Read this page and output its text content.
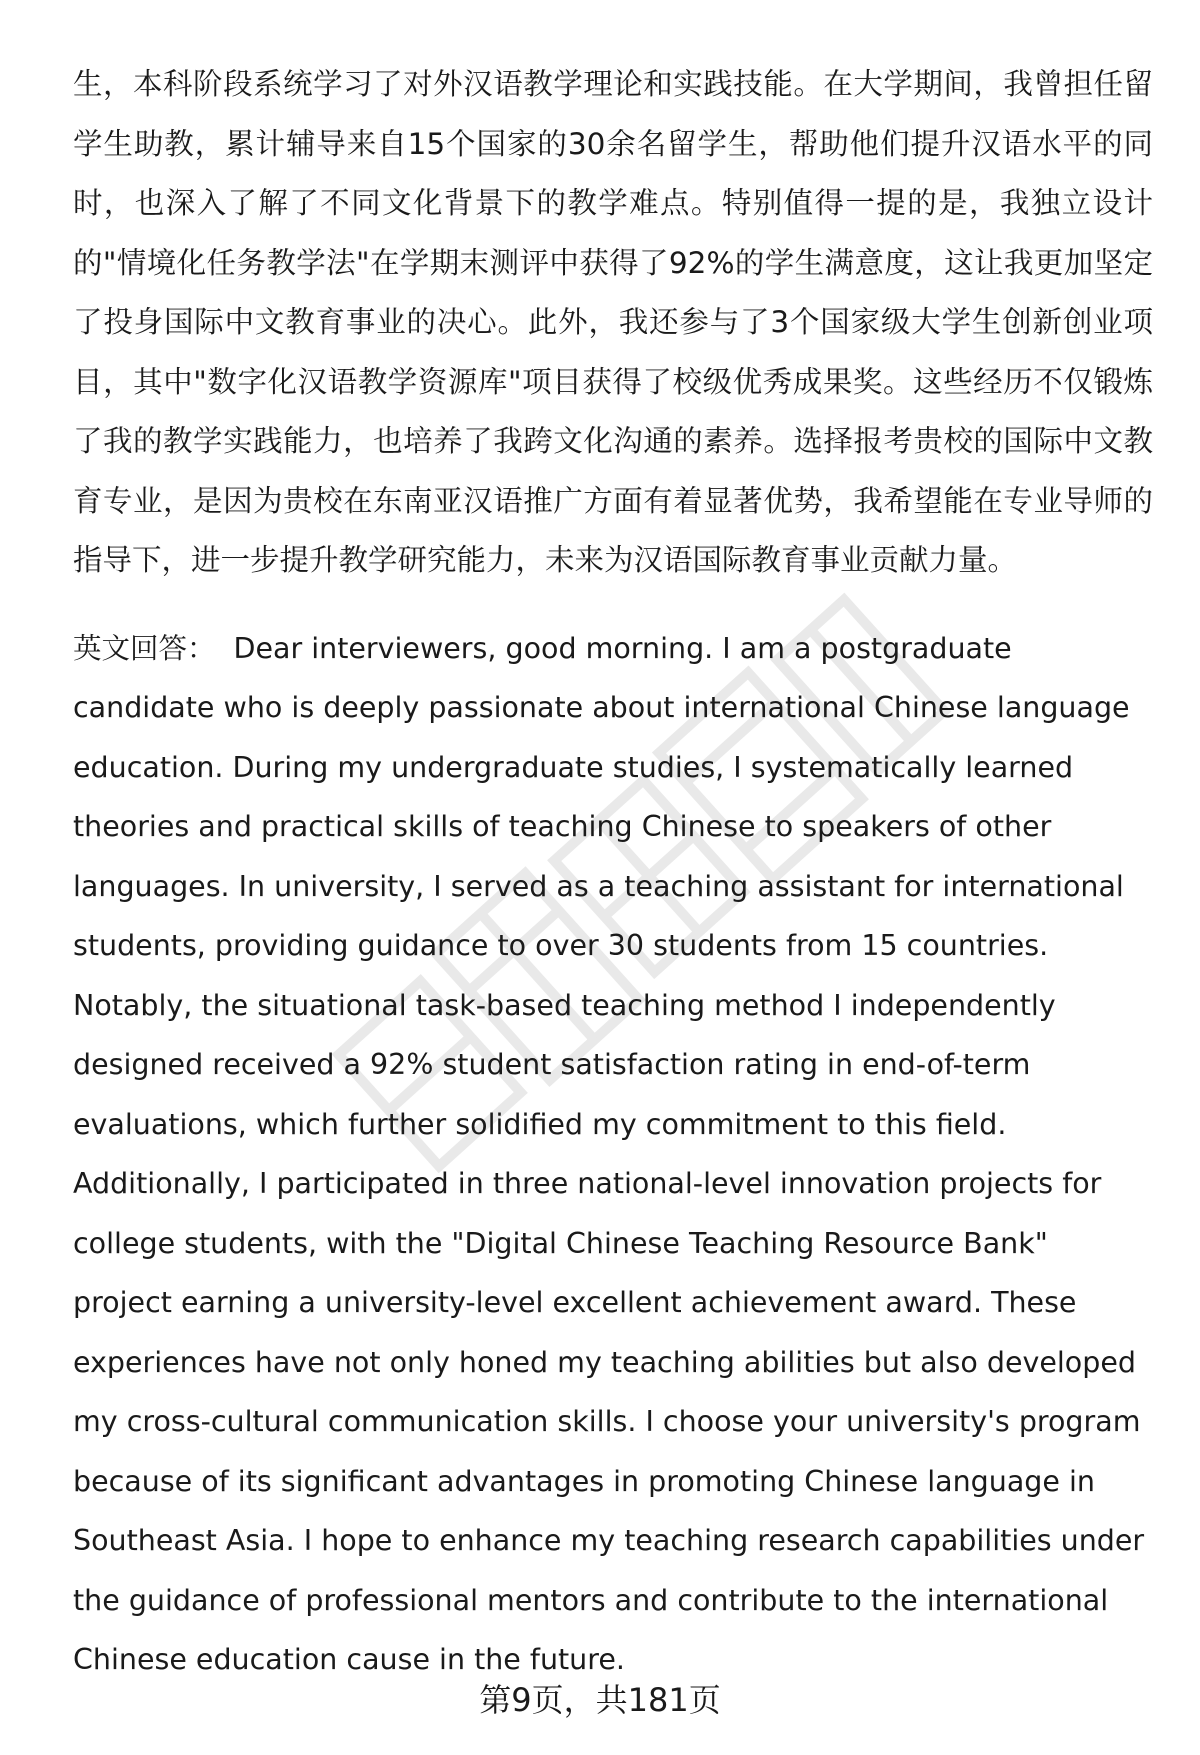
生，本科阶段系统学习了对外汉语教学理论和实践技能。在大学期间，我曾担任留学生助教，累计辅导来自15个国家的30余名留学生，帮助他们提升汉语水平的同时，也深入了解了不同文化背景下的教学难点。特别值得一提的是，我独立设计的"情境化任务教学法"在学期末测评中获得了92%的学生满意度，这让我更加坚定了投身国际中文教育事业的决心。此外，我还参与了3个国家级大学生创新创业项目，其中"数字化汉语教学资源库"项目获得了校级优秀成果奖。这些经历不仅锻炼了我的教学实践能力，也培养了我跨文化沟通的素养。选择报考贵校的国际中文教育专业，是因为贵校在东南亚汉语推广方面有着显著优势，我希望能在专业导师的指导下，进一步提升教学研究能力，未来为汉语国际教育事业贡献力量。

英文回答： Dear interviewers, good morning. I am a postgraduate candidate who is deeply passionate about international Chinese language education. During my undergraduate studies, I systematically learned theories and practical skills of teaching Chinese to speakers of other languages. In university, I served as a teaching assistant for international students, providing guidance to over 30 students from 15 countries. Notably, the situational task-based teaching method I independently designed received a 92% student satisfaction rating in end-of-term evaluations, which further solidified my commitment to this field. Additionally, I participated in three national-level innovation projects for college students, with the "Digital Chinese Teaching Resource Bank" project earning a university-level excellent achievement award. These experiences have not only honed my teaching abilities but also developed my cross-cultural communication skills. I choose your university's program because of its significant advantages in promoting Chinese language in Southeast Asia. I hope to enhance my teaching research capabilities under the guidance of professional mentors and contribute to the international Chinese education cause in the future.

第9页，共181页
